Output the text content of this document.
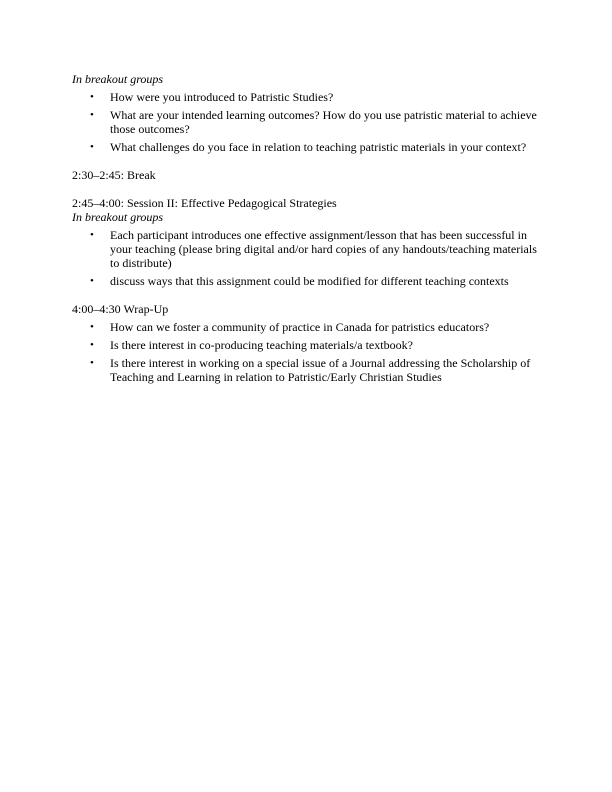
In breakout groups

• How were you introduced to Patristic Studies?
• What are your intended learning outcomes? How do you use patristic material to achieve those outcomes?
• What challenges do you face in relation to teaching patristic materials in your context?

2:30–2:45: Break

2:45–4:00: Session II: Effective Pedagogical Strategies

In breakout groups

• Each participant introduces one effective assignment/lesson that has been successful in your teaching (please bring digital and/or hard copies of any handouts/teaching materials to distribute)
• discuss ways that this assignment could be modified for different teaching contexts

4:00–4:30 Wrap-Up

• How can we foster a community of practice in Canada for patristics educators?
• Is there interest in co-producing teaching materials/a textbook?
• Is there interest in working on a special issue of a Journal addressing the Scholarship of Teaching and Learning in relation to Patristic/Early Christian Studies
